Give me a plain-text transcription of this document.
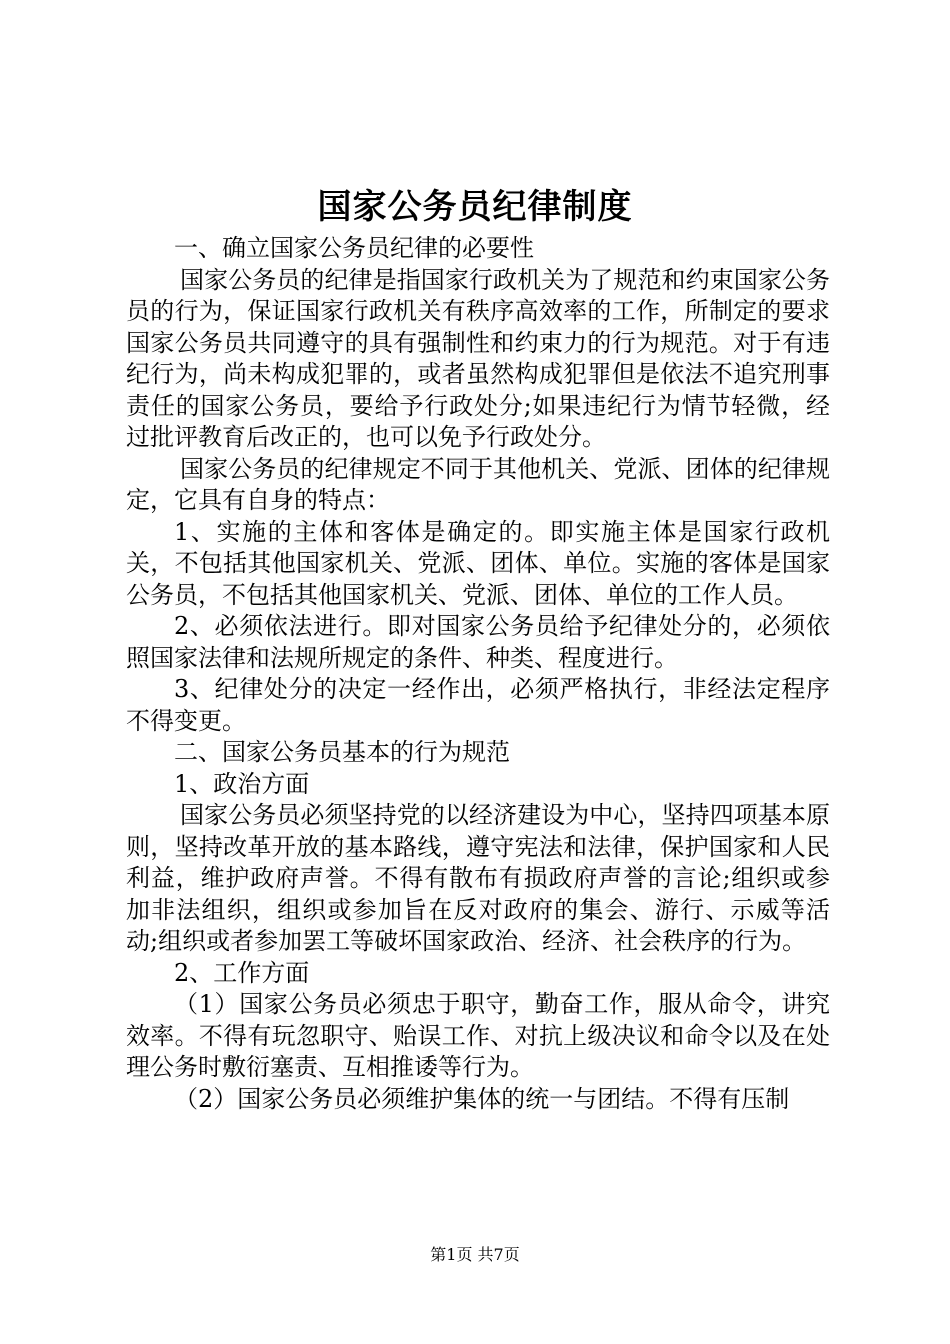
国家公务员纪律制度

一、确立国家公务员纪律的必要性

国家公务员的纪律是指国家行政机关为了规范和约束国家公务员的行为，保证国家行政机关有秩序高效率的工作，所制定的要求国家公务员共同遵守的具有强制性和约束力的行为规范。对于有违纪行为，尚未构成犯罪的，或者虽然构成犯罪但是依法不追究刑事责任的国家公务员，要给予行政处分;如果违纪行为情节轻微，经过批评教育后改正的，也可以免予行政处分。

国家公务员的纪律规定不同于其他机关、党派、团体的纪律规定，它具有自身的特点：

1、实施的主体和客体是确定的。即实施主体是国家行政机关，不包括其他国家机关、党派、团体、单位。实施的客体是国家公务员，不包括其他国家机关、党派、团体、单位的工作人员。

2、必须依法进行。即对国家公务员给予纪律处分的，必须依照国家法律和法规所规定的条件、种类、程度进行。

3、纪律处分的决定一经作出，必须严格执行，非经法定程序不得变更。

二、国家公务员基本的行为规范

1、政治方面

国家公务员必须坚持党的以经济建设为中心，坚持四项基本原则，坚持改革开放的基本路线，遵守宪法和法律，保护国家和人民利益，维护政府声誉。不得有散布有损政府声誉的言论;组织或参加非法组织，组织或参加旨在反对政府的集会、游行、示威等活动;组织或者参加罢工等破坏国家政治、经济、社会秩序的行为。

2、工作方面

（1）国家公务员必须忠于职守，勤奋工作，服从命令，讲究效率。不得有玩忽职守、贻误工作、对抗上级决议和命令以及在处理公务时敷衍塞责、互相推诿等行为。

（2）国家公务员必须维护集体的统一与团结。不得有压制

第1页 共7页
